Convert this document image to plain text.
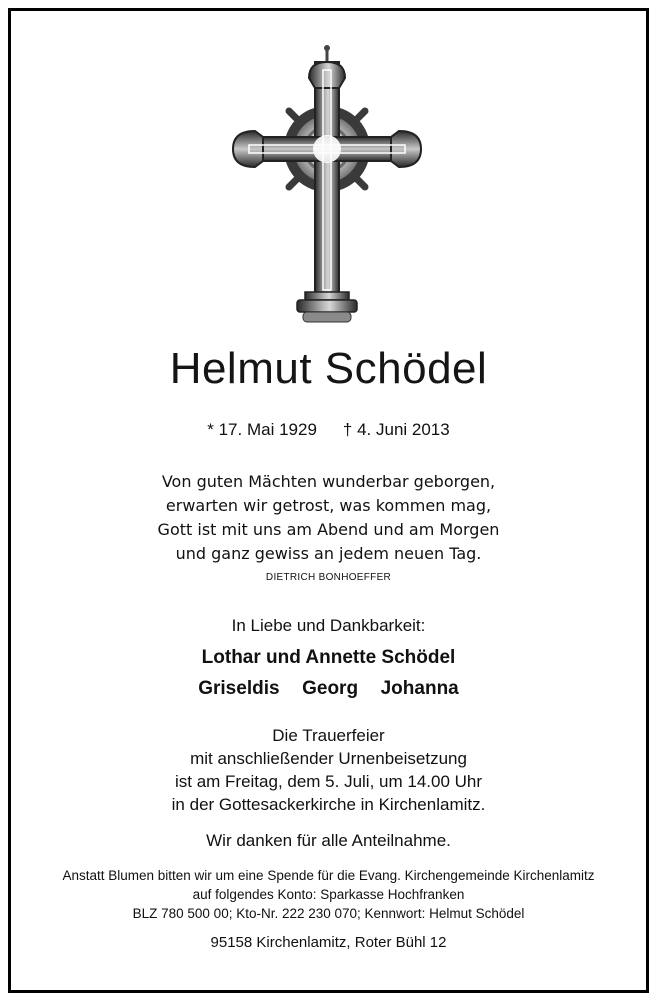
Helmut Schödel
* 17. Mai 1929 † 4. Juni 2013
Von guten Mächten wunderbar geborgen,
erwarten wir getrost, was kommen mag,
Gott ist mit uns am Abend und am Morgen
und ganz gewiss an jedem neuen Tag.
DIETRICH BONHOEFFER
In Liebe und Dankbarkeit:
Lothar und Annette Schödel
Griseldis  Georg  Johanna
Die Trauerfeier
mit anschließender Urnenbeisetzung
ist am Freitag, dem 5. Juli, um 14.00 Uhr
in der Gottesackerkirche in Kirchenlamitz.
Wir danken für alle Anteilnahme.
Anstatt Blumen bitten wir um eine Spende für die Evang. Kirchengemeinde Kirchenlamitz
auf folgendes Konto: Sparkasse Hochfranken
BLZ 780 500 00; Kto-Nr. 222 230 070; Kennwort: Helmut Schödel
95158 Kirchenlamitz, Roter Bühl 12
